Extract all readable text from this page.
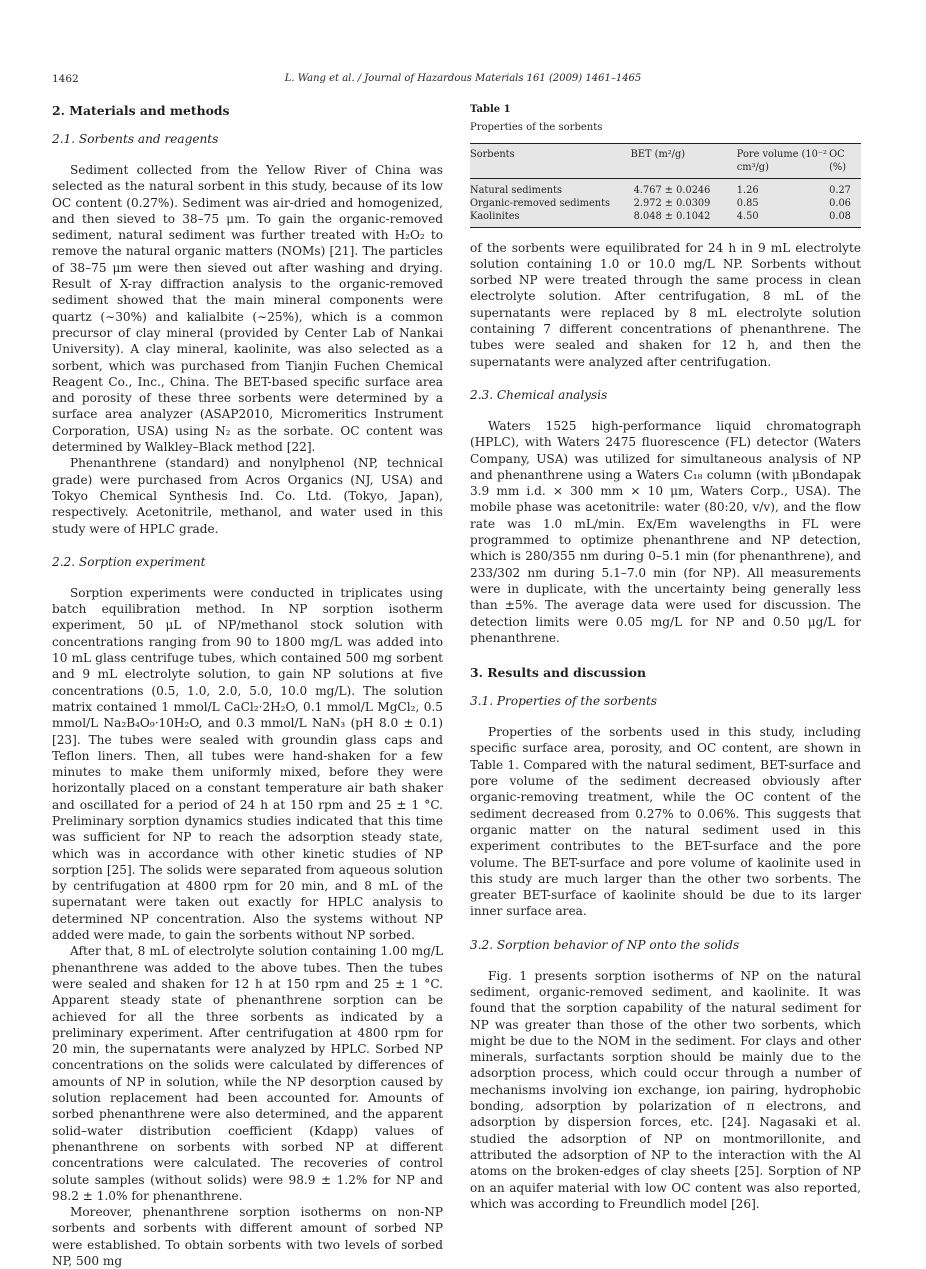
1462	L. Wang et al. / Journal of Hazardous Materials 161 (2009) 1461–1465
2. Materials and methods
2.1. Sorbents and reagents

Sediment collected from the Yellow River of China was selected as the natural sorbent in this study, because of its low OC content (0.27%). Sediment was air-dried and homogenized, and then sieved to 38–75 μm. To gain the organic-removed sediment, natural sediment was further treated with H₂O₂ to remove the natural organic matters (NOMs) [21]. The particles of 38–75 μm were then sieved out after washing and drying. Result of X-ray diffraction analysis to the organic-removed sediment showed that the main mineral components were quartz (∼30%) and kalialbite (∼25%), which is a common precursor of clay mineral (provided by Center Lab of Nankai University). A clay mineral, kaolinite, was also selected as a sorbent, which was purchased from Tianjin Fuchen Chemical Reagent Co., Inc., China. The BET-based specific surface area and porosity of these three sorbents were determined by a surface area analyzer (ASAP2010, Micromeritics Instrument Corporation, USA) using N₂ as the sorbate. OC content was determined by Walkley–Black method [22].

Phenanthrene (standard) and nonylphenol (NP, technical grade) were purchased from Acros Organics (NJ, USA) and Tokyo Chemical Synthesis Ind. Co. Ltd. (Tokyo, Japan), respectively. Acetonitrile, methanol, and water used in this study were of HPLC grade.

2.2. Sorption experiment

Sorption experiments were conducted in triplicates using batch equilibration method. In NP sorption isotherm experiment, 50 μL of NP/methanol stock solution with concentrations ranging from 90 to 1800 mg/L was added into 10 mL glass centrifuge tubes, which contained 500 mg sorbent and 9 mL electrolyte solution, to gain NP solutions at five concentrations (0.5, 1.0, 2.0, 5.0, 10.0 mg/L). The solution matrix contained 1 mmol/L CaCl₂·2H₂O, 0.1 mmol/L MgCl₂, 0.5 mmol/L Na₂B₄O₉·10H₂O, and 0.3 mmol/L NaN₃ (pH 8.0 ± 0.1) [23]. The tubes were sealed with groundin glass caps and Teflon liners. Then, all tubes were hand-shaken for a few minutes to make them uniformly mixed, before they were horizontally placed on a constant temperature air bath shaker and oscillated for a period of 24 h at 150 rpm and 25 ± 1 °C. Preliminary sorption dynamics studies indicated that this time was sufficient for NP to reach the adsorption steady state, which was in accordance with other kinetic studies of NP sorption [25]. The solids were separated from aqueous solution by centrifugation at 4800 rpm for 20 min, and 8 mL of the supernatant were taken out exactly for HPLC analysis to determined NP concentration. Also the systems without NP added were made, to gain the sorbents without NP sorbed.

After that, 8 mL of electrolyte solution containing 1.00 mg/L phenanthrene was added to the above tubes. Then the tubes were sealed and shaken for 12 h at 150 rpm and 25 ± 1 °C. Apparent steady state of phenanthrene sorption can be achieved for all the three sorbents as indicated by a preliminary experiment. After centrifugation at 4800 rpm for 20 min, the supernatants were analyzed by HPLC. Sorbed NP concentrations on the solids were calculated by differences of amounts of NP in solution, while the NP desorption caused by solution replacement had been accounted for. Amounts of sorbed phenanthrene were also determined, and the apparent solid–water distribution coefficient (Kdapp) values of phenanthrene on sorbents with sorbed NP at different concentrations were calculated. The recoveries of control solute samples (without solids) were 98.9 ± 1.2% for NP and 98.2 ± 1.0% for phenanthrene.

Moreover, phenanthrene sorption isotherms on non-NP sorbents and sorbents with different amount of sorbed NP were established. To obtain sorbents with two levels of sorbed NP, 500 mg

Table 1
Properties of the sorbents
Sorbents	BET (m²/g)	Pore volume (10⁻² cm³/g)	OC (%)
Natural sediments	4.767 ± 0.0246	1.26	0.27
Organic-removed sediments	2.972 ± 0.0309	0.85	0.06
Kaolinites	8.048 ± 0.1042	4.50	0.08

of the sorbents were equilibrated for 24 h in 9 mL electrolyte solution containing 1.0 or 10.0 mg/L NP. Sorbents without sorbed NP were treated through the same process in clean electrolyte solution. After centrifugation, 8 mL of the supernatants were replaced by 8 mL electrolyte solution containing 7 different concentrations of phenanthrene. The tubes were sealed and shaken for 12 h, and then the supernatants were analyzed after centrifugation.

2.3. Chemical analysis

Waters 1525 high-performance liquid chromatograph (HPLC), with Waters 2475 fluorescence (FL) detector (Waters Company, USA) was utilized for simultaneous analysis of NP and phenanthrene using a Waters C₁₈ column (with μBondapak 3.9 mm i.d. × 300 mm × 10 μm, Waters Corp., USA). The mobile phase was acetonitrile: water (80:20, v/v), and the flow rate was 1.0 mL/min. Ex/Em wavelengths in FL were programmed to optimize phenanthrene and NP detection, which is 280/355 nm during 0–5.1 min (for phenanthrene), and 233/302 nm during 5.1–7.0 min (for NP). All measurements were in duplicate, with the uncertainty being generally less than ±5%. The average data were used for discussion. The detection limits were 0.05 mg/L for NP and 0.50 μg/L for phenanthrene.

3. Results and discussion
3.1. Properties of the sorbents

Properties of the sorbents used in this study, including specific surface area, porosity, and OC content, are shown in Table 1. Compared with the natural sediment, BET-surface and pore volume of the sediment decreased obviously after organic-removing treatment, while the OC content of the sediment decreased from 0.27% to 0.06%. This suggests that organic matter on the natural sediment used in this experiment contributes to the BET-surface and the pore volume. The BET-surface and pore volume of kaolinite used in this study are much larger than the other two sorbents. The greater BET-surface of kaolinite should be due to its larger inner surface area.

3.2. Sorption behavior of NP onto the solids

Fig. 1 presents sorption isotherms of NP on the natural sediment, organic-removed sediment, and kaolinite. It was found that the sorption capability of the natural sediment for NP was greater than those of the other two sorbents, which might be due to the NOM in the sediment. For clays and other minerals, surfactants sorption should be mainly due to the adsorption process, which could occur through a number of mechanisms involving ion exchange, ion pairing, hydrophobic bonding, adsorption by polarization of π electrons, and adsorption by dispersion forces, etc. [24]. Nagasaki et al. studied the adsorption of NP on montmorillonite, and attributed the adsorption of NP to the interaction with the Al atoms on the broken-edges of clay sheets [25]. Sorption of NP on an aquifer material with low OC content was also reported, which was according to Freundlich model [26].
